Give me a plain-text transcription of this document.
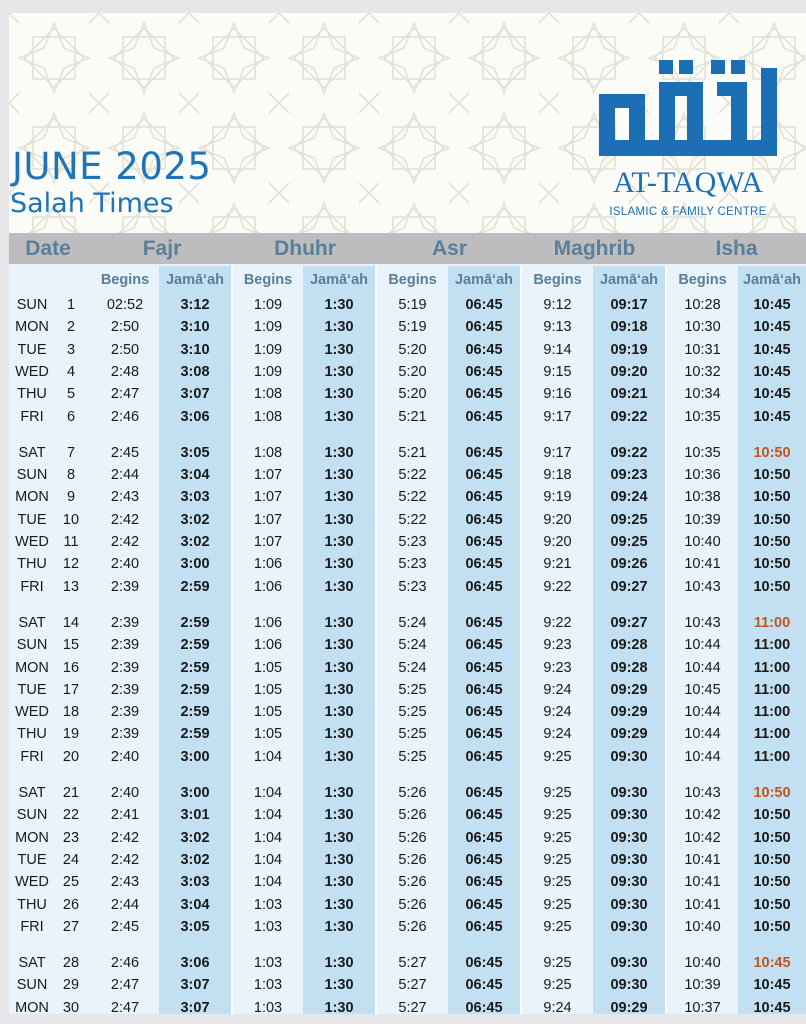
JUNE 2025
Salah Times
AT-TAQWA
ISLAMIC & FAMILY CENTRE
Date	Fajr	Dhuhr	Asr	Maghrib	Isha
Begins	Jamā‘ah	Begins	Jamā‘ah	Begins	Jamā‘ah	Begins	Jamā‘ah	Begins	Jamā‘ah
SUN	1	02:52	3:12	1:09	1:30	5:19	06:45	9:12	09:17	10:28	10:45
MON	2	2:50	3:10	1:09	1:30	5:19	06:45	9:13	09:18	10:30	10:45
TUE	3	2:50	3:10	1:09	1:30	5:20	06:45	9:14	09:19	10:31	10:45
WED	4	2:48	3:08	1:09	1:30	5:20	06:45	9:15	09:20	10:32	10:45
THU	5	2:47	3:07	1:08	1:30	5:20	06:45	9:16	09:21	10:34	10:45
FRI	6	2:46	3:06	1:08	1:30	5:21	06:45	9:17	09:22	10:35	10:45
SAT	7	2:45	3:05	1:08	1:30	5:21	06:45	9:17	09:22	10:35	10:50
SUN	8	2:44	3:04	1:07	1:30	5:22	06:45	9:18	09:23	10:36	10:50
MON	9	2:43	3:03	1:07	1:30	5:22	06:45	9:19	09:24	10:38	10:50
TUE	10	2:42	3:02	1:07	1:30	5:22	06:45	9:20	09:25	10:39	10:50
WED	11	2:42	3:02	1:07	1:30	5:23	06:45	9:20	09:25	10:40	10:50
THU	12	2:40	3:00	1:06	1:30	5:23	06:45	9:21	09:26	10:41	10:50
FRI	13	2:39	2:59	1:06	1:30	5:23	06:45	9:22	09:27	10:43	10:50
SAT	14	2:39	2:59	1:06	1:30	5:24	06:45	9:22	09:27	10:43	11:00
SUN	15	2:39	2:59	1:06	1:30	5:24	06:45	9:23	09:28	10:44	11:00
MON 16	2:39	2:59	1:05	1:30	5:24	06:45	9:23	09:28	10:44	11:00
TUE	17	2:39	2:59	1:05	1:30	5:25	06:45	9:24	09:29	10:45	11:00
WED 18	2:39	2:59	1:05	1:30	5:25	06:45	9:24	09:29	10:44	11:00
THU	19	2:39	2:59	1:05	1:30	5:25	06:45	9:24	09:29	10:44	11:00
FRI	20	2:40	3:00	1:04	1:30	5:25	06:45	9:25	09:30	10:44	11:00
SAT	21	2:40	3:00	1:04	1:30	5:26	06:45	9:25	09:30	10:43	10:50
SUN	22	2:41	3:01	1:04	1:30	5:26	06:45	9:25	09:30	10:42	10:50
MON 23	2:42	3:02	1:04	1:30	5:26	06:45	9:25	09:30	10:42	10:50
TUE	24	2:42	3:02	1:04	1:30	5:26	06:45	9:25	09:30	10:41	10:50
WED 25	2:43	3:03	1:04	1:30	5:26	06:45	9:25	09:30	10:41	10:50
THU	26	2:44	3:04	1:03	1:30	5:26	06:45	9:25	09:30	10:41	10:50
FRI	27	2:45	3:05	1:03	1:30	5:26	06:45	9:25	09:30	10:40	10:50
SAT	28	2:46	3:06	1:03	1:30	5:27	06:45	9:25	09:30	10:40	10:45
SUN	29	2:47	3:07	1:03	1:30	5:27	06:45	9:25	09:30	10:39	10:45
MON 30	2:47	3:07	1:03	1:30	5:27	06:45	9:24	09:29	10:37	10:45
